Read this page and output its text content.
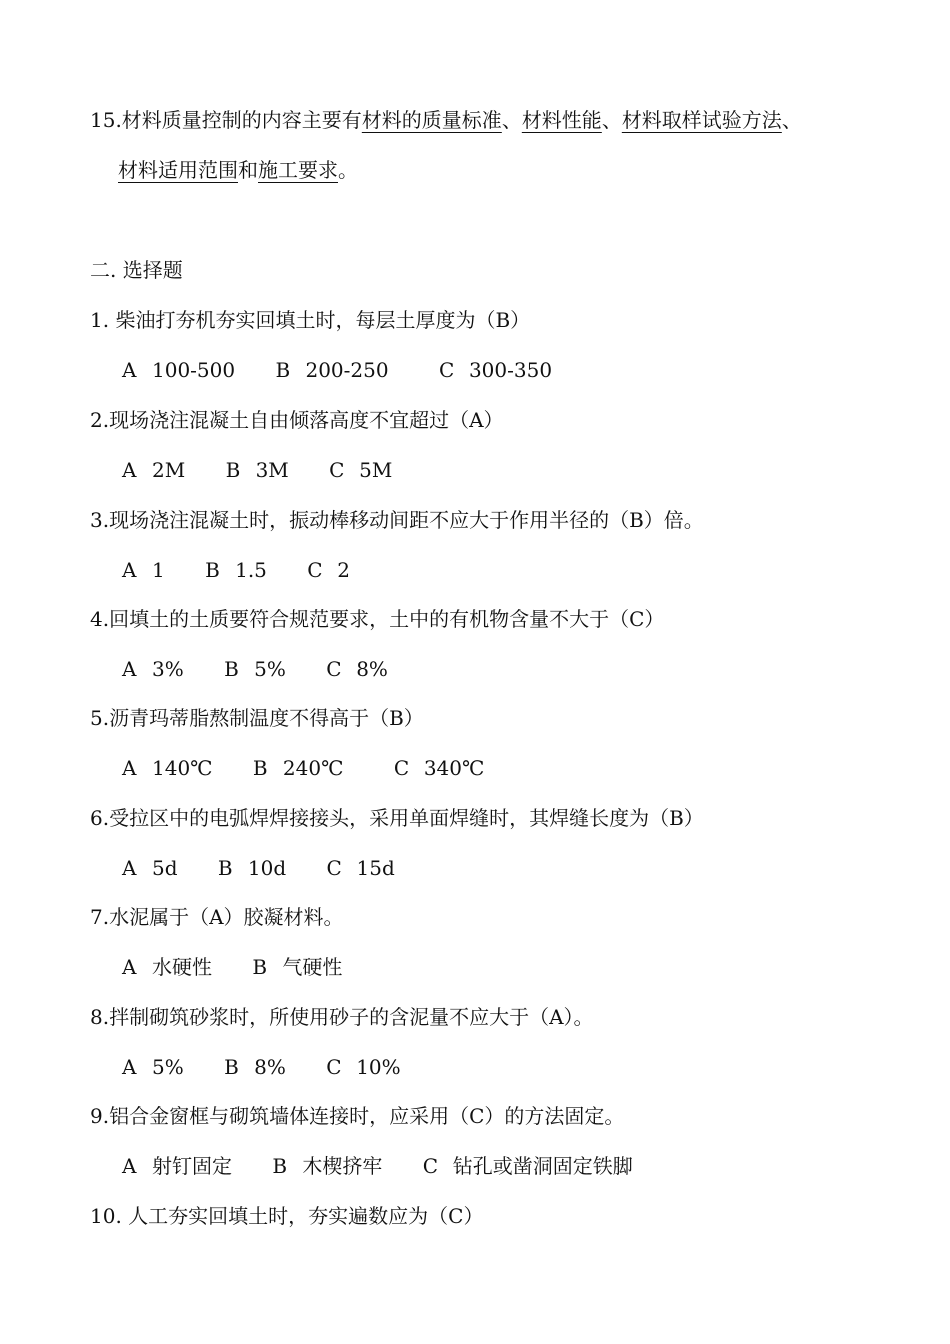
15.材料质量控制的内容主要有材料的质量标准、材料性能、材料取样试验方法、
材料适用范围和施工要求。
二. 选择题
1. 柴油打夯机夯实回填土时，每层土厚度为（B）
A 100-500 B 200-250	C 300-350
2.现场浇注混凝土自由倾落高度不宜超过（A）
A 2M B 3M C 5M
3.现场浇注混凝土时，振动棒移动间距不应大于作用半径的（B）倍。
A 1 B 1.5 C 2
4.回填土的土质要符合规范要求，土中的有机物含量不大于（C）
A 3% B 5% C 8%
5.沥青玛蒂脂熬制温度不得高于（B）
A 140℃ B 240℃	C 340℃
6.受拉区中的电弧焊焊接接头，采用单面焊缝时，其焊缝长度为（B）
A 5d B 10d C 15d
7.水泥属于（A）胶凝材料。
A 水硬性 B 气硬性
8.拌制砌筑砂浆时，所使用砂子的含泥量不应大于（A）。
A 5% B 8% C 10%
9.铝合金窗框与砌筑墙体连接时，应采用（C）的方法固定。
A 射钉固定 B 木楔挤牢 C 钻孔或凿洞固定铁脚
10. 人工夯实回填土时，夯实遍数应为（C）
